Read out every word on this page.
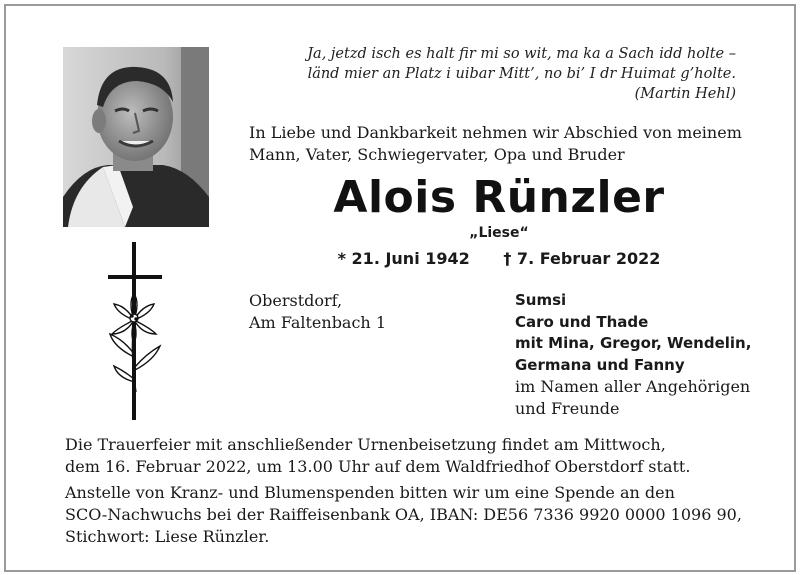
Ja, jetzd isch es halt fir mi so wit, ma ka a Sach idd holte –
länd mier an Platz i uibar Mitt’, no bi’ I dr Huimat g’holte.
(Martin Hehl)
In Liebe und Dankbarkeit nehmen wir Abschied von meinem
Mann, Vater, Schwiegervater, Opa und Bruder
Alois Rünzler
„Liese“
* 21. Juni 1942 † 7. Februar 2022
Oberstdorf,
Am Faltenbach 1
Sumsi
Caro und Thade
mit Mina, Gregor, Wendelin,
Germana und Fanny
im Namen aller Angehörigen
und Freunde
Die Trauerfeier mit anschließender Urnenbeisetzung findet am Mittwoch,
dem 16. Februar 2022, um 13.00 Uhr auf dem Waldfriedhof Oberstdorf statt.
Anstelle von Kranz- und Blumenspenden bitten wir um eine Spende an den
SCO-Nachwuchs bei der Raiffeisenbank OA, IBAN: DE56 7336 9920 0000 1096 90,
Stichwort: Liese Rünzler.
